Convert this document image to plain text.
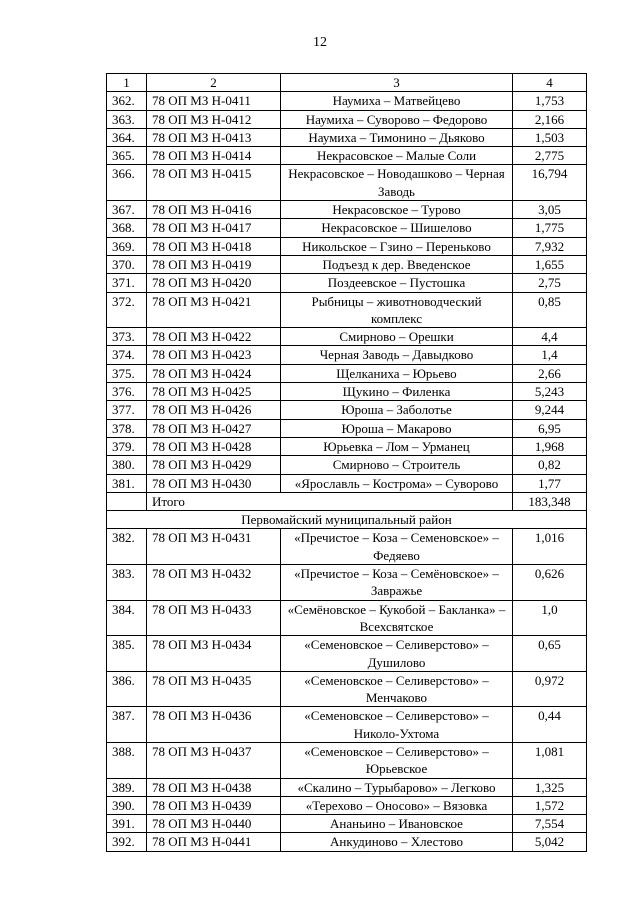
12
1	2	3	4
362.	78 ОП МЗ Н-0411	Наумиха – Матвейцево	1,753
363.	78 ОП МЗ Н-0412	Наумиха – Суворово – Федорово	2,166
364.	78 ОП МЗ Н-0413	Наумиха – Тимонино – Дьяково	1,503
365.	78 ОП МЗ Н-0414	Некрасовское – Малые Соли	2,775
366.	78 ОП МЗ Н-0415	Некрасовское – Новодашково – Черная Заводь	16,794
367.	78 ОП МЗ Н-0416	Некрасовское – Турово	3,05
368.	78 ОП МЗ Н-0417	Некрасовское – Шишелово	1,775
369.	78 ОП МЗ Н-0418	Никольское – Гзино – Переньково	7,932
370.	78 ОП МЗ Н-0419	Подъезд к дер. Введенское	1,655
371.	78 ОП МЗ Н-0420	Поздеевское – Пустошка	2,75
372.	78 ОП МЗ Н-0421	Рыбницы – животноводческий комплекс	0,85
373.	78 ОП МЗ Н-0422	Смирново – Орешки	4,4
374.	78 ОП МЗ Н-0423	Черная Заводь – Давыдково	1,4
375.	78 ОП МЗ Н-0424	Щелканиха – Юрьево	2,66
376.	78 ОП МЗ Н-0425	Щукино – Филенка	5,243
377.	78 ОП МЗ Н-0426	Юроша – Заболотье	9,244
378.	78 ОП МЗ Н-0427	Юроша – Макарово	6,95
379.	78 ОП МЗ Н-0428	Юрьевка – Лом – Урманец	1,968
380.	78 ОП МЗ Н-0429	Смирново – Строитель	0,82
381.	78 ОП МЗ Н-0430	«Ярославль – Кострома» – Суворово	1,77
	Итого		183,348
Первомайский муниципальный район			
382.	78 ОП МЗ Н-0431	«Пречистое – Коза – Семеновское» – Федяево	1,016
383.	78 ОП МЗ Н-0432	«Пречистое – Коза – Семёновское» – Завражье	0,626
384.	78 ОП МЗ Н-0433	«Семёновское – Кукобой – Бакланка» – Всехсвятское	1,0
385.	78 ОП МЗ Н-0434	«Семеновское – Селиверстово» – Душилово	0,65
386.	78 ОП МЗ Н-0435	«Семеновское – Селиверстово» – Менчаково	0,972
387.	78 ОП МЗ Н-0436	«Семеновское – Селиверстово» – Николо-Ухтома	0,44
388.	78 ОП МЗ Н-0437	«Семеновское – Селиверстово» – Юрьевское	1,081
389.	78 ОП МЗ Н-0438	«Скалино – Турыбарово» – Легково	1,325
390.	78 ОП МЗ Н-0439	«Терехово – Оносово» – Вязовка	1,572
391.	78 ОП МЗ Н-0440	Ананьино – Ивановское	7,554
392.	78 ОП МЗ Н-0441	Анкудиново – Хлестово	5,042
